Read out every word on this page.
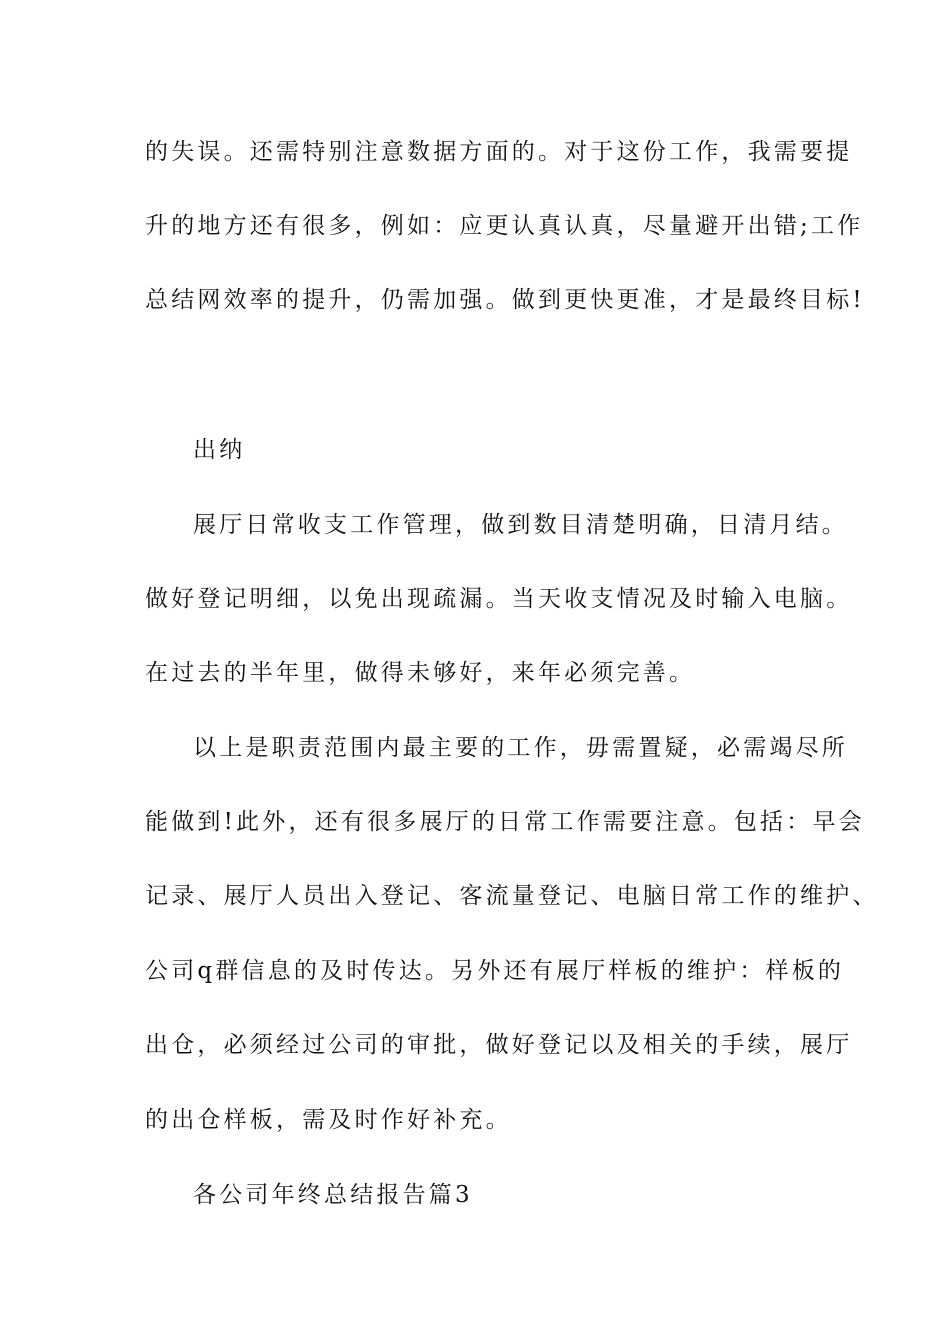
的失误。还需特别注意数据方面的。对于这份工作，我需要提
升的地方还有很多，例如：应更认真认真，尽量避开出错;工作
总结网效率的提升，仍需加强。做到更快更准，才是最终目标!
出纳
展厅日常收支工作管理，做到数目清楚明确，日清月结。
做好登记明细，以免出现疏漏。当天收支情况及时输入电脑。
在过去的半年里，做得未够好，来年必须完善。
以上是职责范围内最主要的工作，毋需置疑，必需竭尽所
能做到!此外，还有很多展厅的日常工作需要注意。包括：早会
记录、展厅人员出入登记、客流量登记、电脑日常工作的维护、
公司q群信息的及时传达。另外还有展厅样板的维护：样板的
出仓，必须经过公司的审批，做好登记以及相关的手续，展厅
的出仓样板，需及时作好补充。
各公司年终总结报告篇3
